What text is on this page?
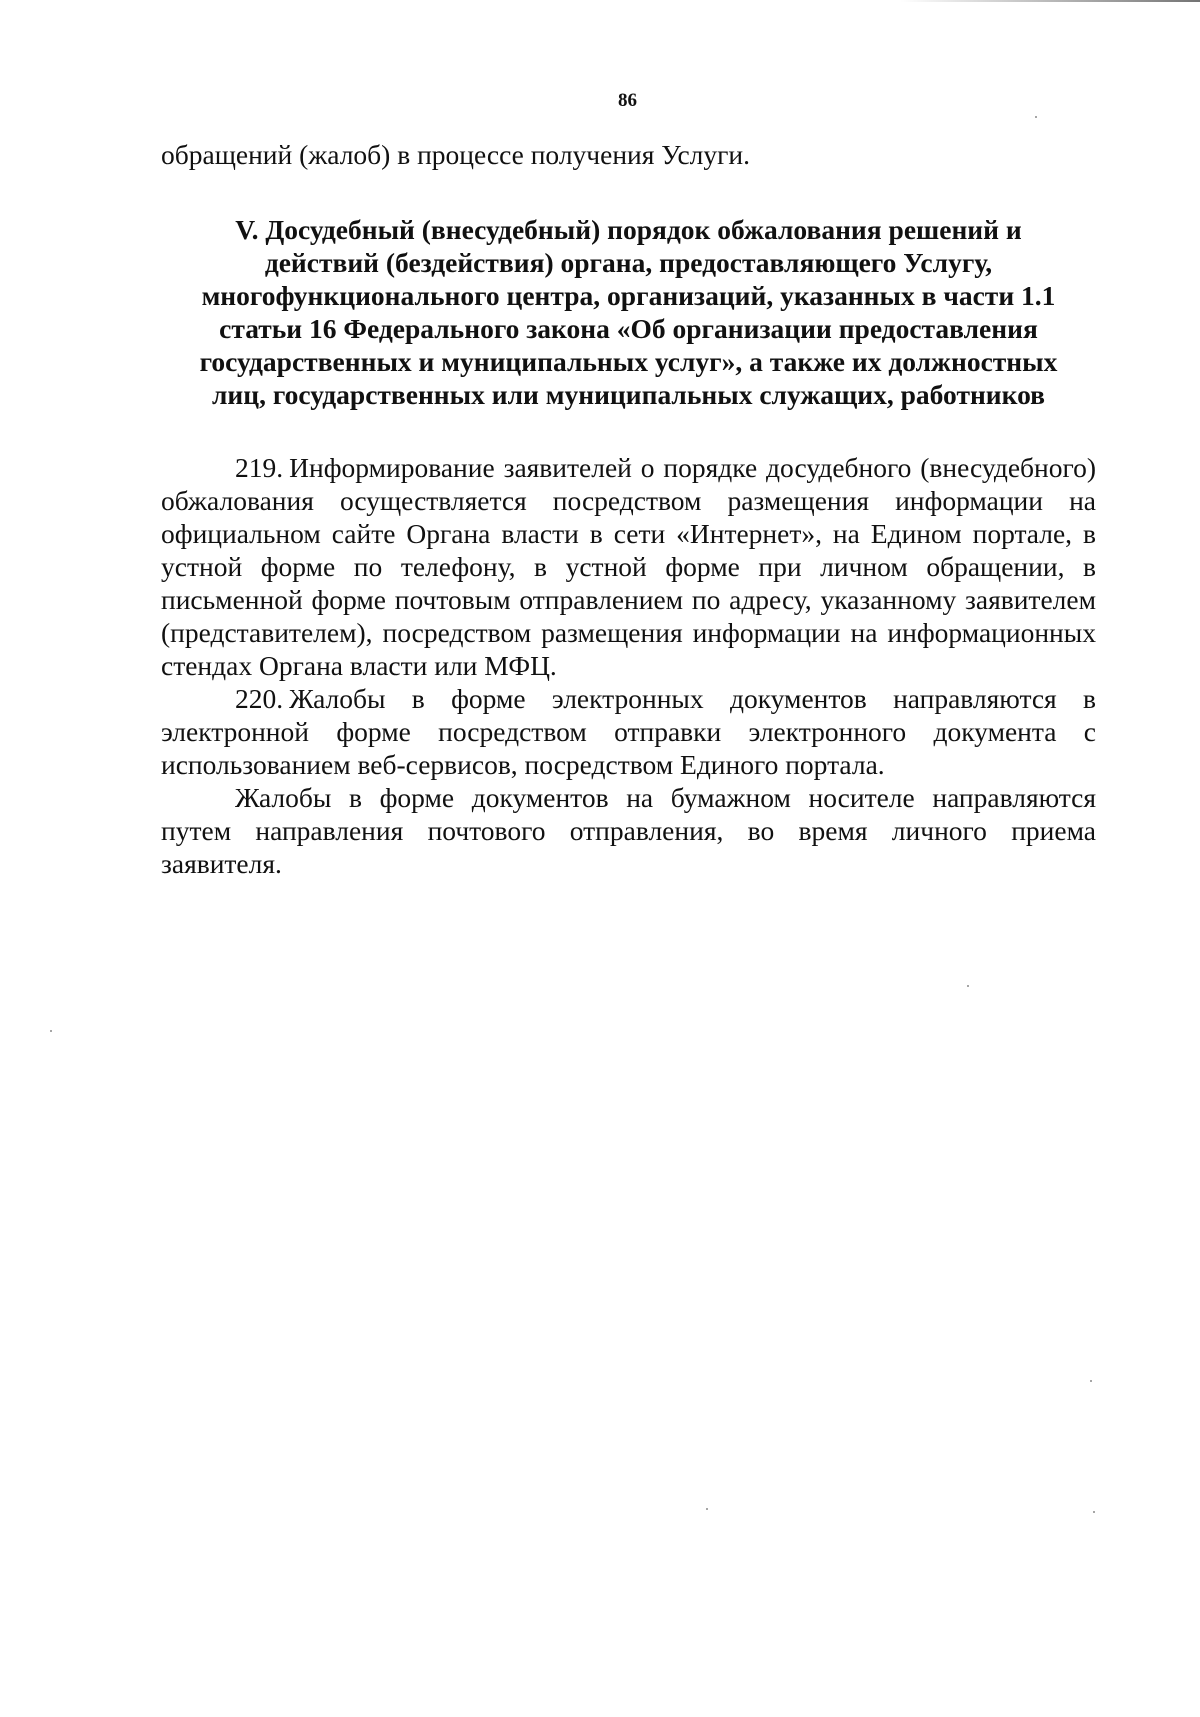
86

обращений (жалоб) в процессе получения Услуги.

V. Досудебный (внесудебный) порядок обжалования решений и
действий (бездействия) органа, предоставляющего Услугу,
многофункционального центра, организаций, указанных в части 1.1
статьи 16 Федерального закона «Об организации предоставления
государственных и муниципальных услуг», а также их должностных
лиц, государственных или муниципальных служащих, работников

219. Информирование заявителей о порядке досудебного (внесудебного) обжалования осуществляется посредством размещения информации на официальном сайте Органа власти в сети «Интернет», на Едином портале, в устной форме по телефону, в устной форме при личном обращении, в письменной форме почтовым отправлением по адресу, указанному заявителем (представителем), посредством размещения информации на информационных стендах Органа власти или МФЦ.

220. Жалобы в форме электронных документов направляются в электронной форме посредством отправки электронного документа с использованием веб-сервисов, посредством Единого портала.

Жалобы в форме документов на бумажном носителе направляются путем направления почтового отправления, во время личного приема заявителя.
